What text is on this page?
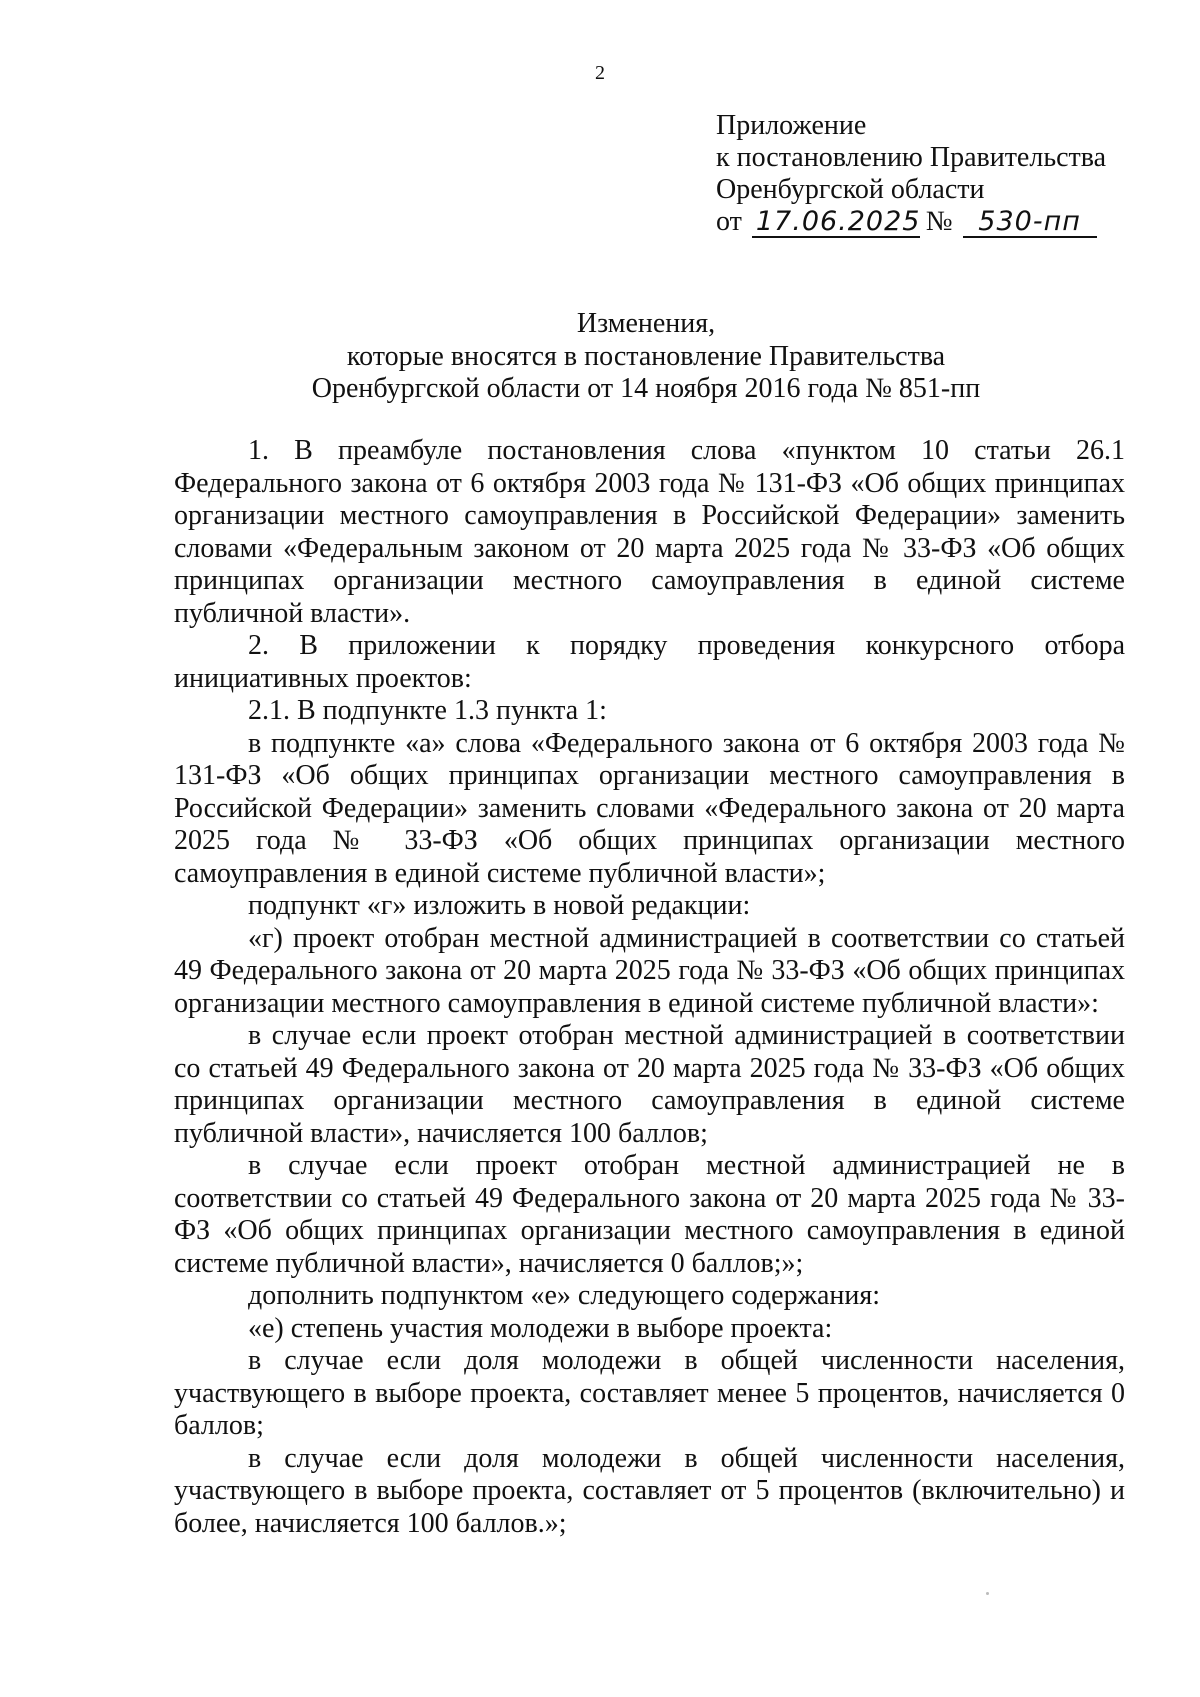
2
Приложение
к постановлению Правительства
Оренбургской области
от 17.06.2025 № 530-пп
Изменения,
которые вносятся в постановление Правительства
Оренбургской области от 14 ноября 2016 года № 851-пп

1. В преамбуле постановления слова «пунктом 10 статьи 26.1 Федерального закона от 6 октября 2003 года № 131-ФЗ «Об общих принципах организации местного самоуправления в Российской Федерации» заменить словами «Федеральным законом от 20 марта 2025 года № 33-ФЗ «Об общих принципах организации местного самоуправления в единой системе публичной власти».

2. В приложении к порядку проведения конкурсного отбора инициативных проектов:

2.1. В подпункте 1.3 пункта 1:

в подпункте «а» слова «Федерального закона от 6 октября 2003 года № 131-ФЗ «Об общих принципах организации местного самоуправления в Российской Федерации» заменить словами «Федерального закона от 20 марта 2025 года № 33-ФЗ «Об общих принципах организации местного самоуправления в единой системе публичной власти»;

подпункт «г» изложить в новой редакции:

«г) проект отобран местной администрацией в соответствии со статьей 49 Федерального закона от 20 марта 2025 года № 33-ФЗ «Об общих принципах организации местного самоуправления в единой системе публичной власти»:

в случае если проект отобран местной администрацией в соответствии со статьей 49 Федерального закона от 20 марта 2025 года № 33-ФЗ «Об общих принципах организации местного самоуправления в единой системе публичной власти», начисляется 100 баллов;

в случае если проект отобран местной администрацией не в соответствии со статьей 49 Федерального закона от 20 марта 2025 года № 33-ФЗ «Об общих принципах организации местного самоуправления в единой системе публичной власти», начисляется 0 баллов;»;

дополнить подпунктом «е» следующего содержания:

«е) степень участия молодежи в выборе проекта:

в случае если доля молодежи в общей численности населения, участвующего в выборе проекта, составляет менее 5 процентов, начисляется 0 баллов;

в случае если доля молодежи в общей численности населения, участвующего в выборе проекта, составляет от 5 процентов (включительно) и более, начисляется 100 баллов.»;
